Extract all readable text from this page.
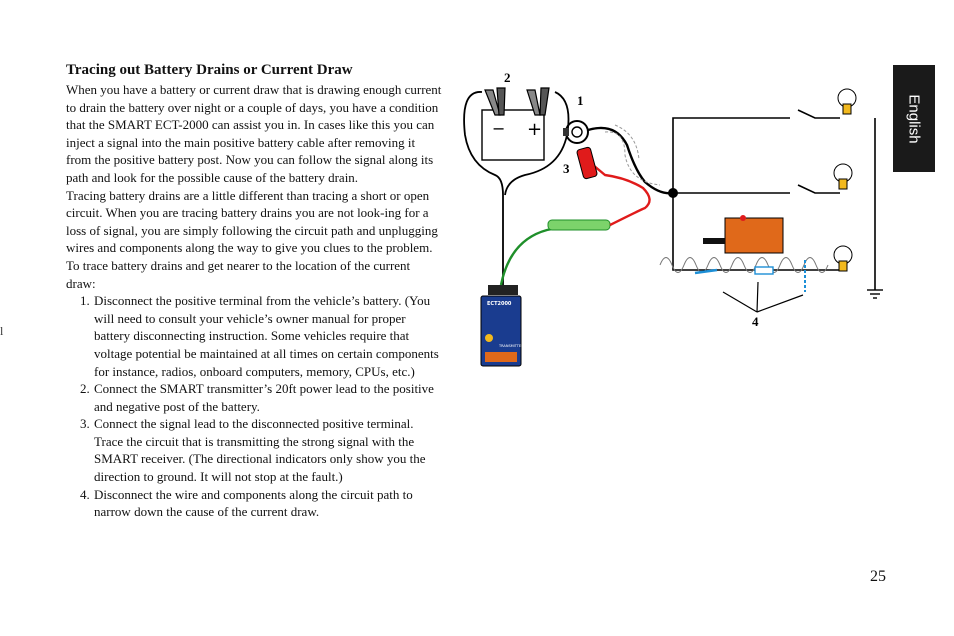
Tracing out Battery Drains or Current Draw

When you have a battery or current draw that is drawing enough current to drain the battery over night or a couple of days, you have a condition that the SMART ECT-2000 can assist you in. In cases like this you can inject a signal into the main positive battery cable after removing it from the positive battery post. Now you can follow the signal along its path and look for the possible cause of the battery drain.

Tracing battery drains are a little different than tracing a short or open circuit. When you are tracing battery drains you are not look-ing for a loss of signal, you are simply following the circuit path and unplugging wires and components along the way to give you clues to the problem.

To trace battery drains and get nearer to the location of the current draw:

1. Disconnect the positive terminal from the vehicle’s battery. (You will need to consult your vehicle’s owner manual for proper battery disconnecting instruction. Some vehicles require that voltage potential be maintained at all times on certain components for instance, radios, onboard computers, memory, CPUs, etc.)
2. Connect the SMART transmitter’s 20ft power lead to the positive and negative post of the battery.
3. Connect the signal lead to the disconnected positive terminal. Trace the circuit that is transmitting the strong signal with the SMART receiver. (The directional indicators only show you the direction to ground. It will not stop at the fault.)
4. Disconnect the wire and components along the circuit path to narrow down the cause of the current draw.
l
English
25
− +
ECT2000
TRANSMITTER
2
1
3
4
